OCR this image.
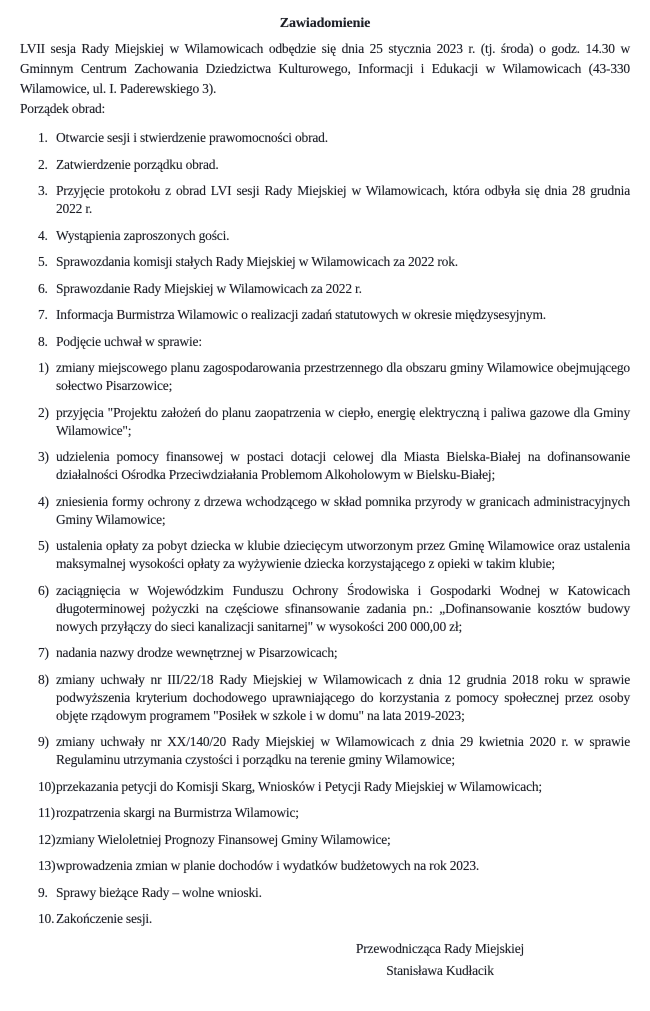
Zawiadomienie

LVII sesja Rady Miejskiej w Wilamowicach odbędzie się dnia 25 stycznia 2023 r. (tj. środa) o godz. 14.30 w Gminnym Centrum Zachowania Dziedzictwa Kulturowego, Informacji i Edukacji w Wilamowicach (43-330 Wilamowice, ul. I. Paderewskiego 3).

Porządek obrad:

1. Otwarcie sesji i stwierdzenie prawomocności obrad.
2. Zatwierdzenie porządku obrad.
3. Przyjęcie protokołu z obrad LVI sesji Rady Miejskiej w Wilamowicach, która odbyła się dnia 28 grudnia 2022 r.
4. Wystąpienia zaproszonych gości.
5. Sprawozdania komisji stałych Rady Miejskiej w Wilamowicach za 2022 rok.
6. Sprawozdanie Rady Miejskiej w Wilamowicach za 2022 r.
7. Informacja Burmistrza Wilamowic o realizacji zadań statutowych w okresie międzysesyjnym.
8. Podjęcie uchwał w sprawie:
1) zmiany miejscowego planu zagospodarowania przestrzennego dla obszaru gminy Wilamowice obejmującego sołectwo Pisarzowice;
2) przyjęcia "Projektu założeń do planu zaopatrzenia w ciepło, energię elektryczną i paliwa gazowe dla Gminy Wilamowice";
3) udzielenia pomocy finansowej w postaci dotacji celowej dla Miasta Bielska-Białej na dofinansowanie działalności Ośrodka Przeciwdziałania Problemom Alkoholowym w Bielsku-Białej;
4) zniesienia formy ochrony z drzewa wchodzącego w skład pomnika przyrody w granicach administracyjnych Gminy Wilamowice;
5) ustalenia opłaty za pobyt dziecka w klubie dziecięcym utworzonym przez Gminę Wilamowice oraz ustalenia maksymalnej wysokości opłaty za wyżywienie dziecka korzystającego z opieki w takim klubie;
6) zaciągnięcia w Wojewódzkim Funduszu Ochrony Środowiska i Gospodarki Wodnej w Katowicach długoterminowej pożyczki na częściowe sfinansowanie zadania pn.: „Dofinansowanie kosztów budowy nowych przyłączy do sieci kanalizacji sanitarnej" w wysokości 200 000,00 zł;
7) nadania nazwy drodze wewnętrznej w Pisarzowicach;
8) zmiany uchwały nr III/22/18 Rady Miejskiej w Wilamowicach z dnia 12 grudnia 2018 roku w sprawie podwyższenia kryterium dochodowego uprawniającego do korzystania z pomocy społecznej przez osoby objęte rządowym programem "Posiłek w szkole i w domu" na lata 2019-2023;
9) zmiany uchwały nr XX/140/20 Rady Miejskiej w Wilamowicach z dnia 29 kwietnia 2020 r. w sprawie Regulaminu utrzymania czystości i porządku na terenie gminy Wilamowice;
10) przekazania petycji do Komisji Skarg, Wniosków i Petycji Rady Miejskiej w Wilamowicach;
11) rozpatrzenia skargi na Burmistrza Wilamowic;
12) zmiany Wieloletniej Prognozy Finansowej Gminy Wilamowice;
13) wprowadzenia zmian w planie dochodów i wydatków budżetowych na rok 2023.
9. Sprawy bieżące Rady – wolne wnioski.
10. Zakończenie sesji.
Przewodnicząca Rady Miejskiej
Stanisława Kudłacik
